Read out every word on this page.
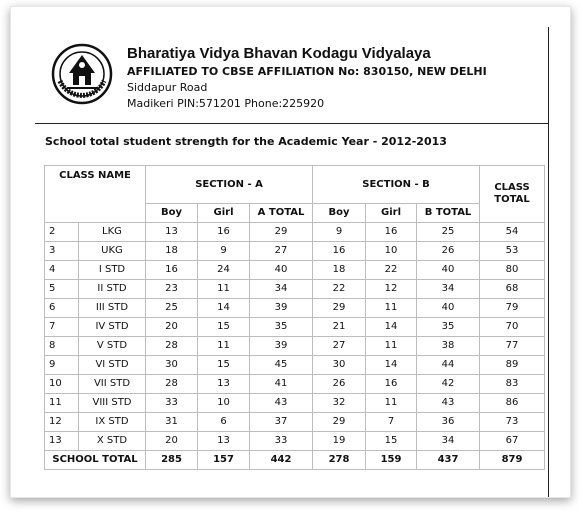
Bharatiya Vidya Bhavan Kodagu Vidyalaya
AFFILIATED TO CBSE AFFILIATION No: 830150, NEW DELHI
Siddapur Road
Madikeri PIN:571201 Phone:225920
School total student strength for the Academic Year - 2012-2013
CLASS NAME		SECTION - A			SECTION - B			CLASS TOTAL
		Boy	Girl	A TOTAL	Boy	Girl	B TOTAL	
2	LKG	13	16	29	9	16	25	54
3	UKG	18	9	27	16	10	26	53
4	I STD	16	24	40	18	22	40	80
5	II STD	23	11	34	22	12	34	68
6	III STD	25	14	39	29	11	40	79
7	IV STD	20	15	35	21	14	35	70
8	V STD	28	11	39	27	11	38	77
9	VI STD	30	15	45	30	14	44	89
10	VII STD	28	13	41	26	16	42	83
11	VIII STD	33	10	43	32	11	43	86
12	IX STD	31	6	37	29	7	36	73
13	X STD	20	13	33	19	15	34	67
SCHOOL TOTAL		285	157	442	278	159	437	879
